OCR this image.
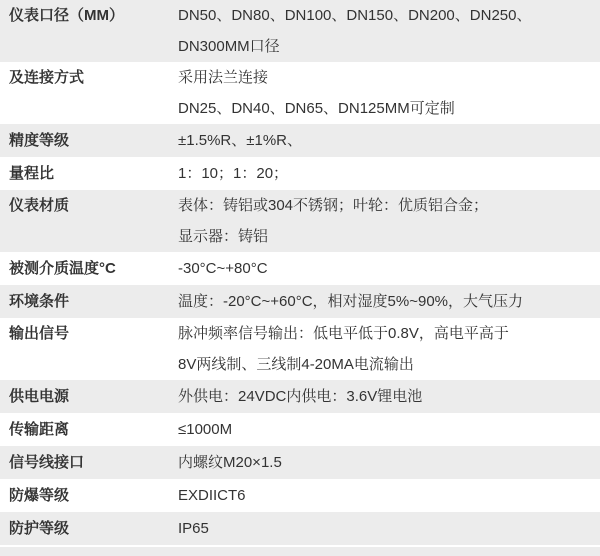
仪表口径（MM）	DN50、DN80、DN100、DN150、DN200、DN250、
DN300MM口径
及连接方式	采用法兰连接
DN25、DN40、DN65、DN125MM可定制
精度等级	±1.5%R、±1%R、
量程比	1：10；1：20；
仪表材质	表体：铸铝或304不锈钢；叶轮：优质铝合金；
显示器：铸铝
被测介质温度°C	-30°C~+80°C
环境条件	温度：-20°C~+60°C，相对湿度5%~90%，大气压力
输出信号	脉冲频率信号输出：低电平低于0.8V，高电平高于
8V两线制、三线制4-20MA电流输出
供电电源	外供电：24VDC内供电：3.6V锂电池
传输距离	≤1000M
信号线接口	内螺纹M20×1.5
防爆等级	EXDIICT6
防护等级	IP65
